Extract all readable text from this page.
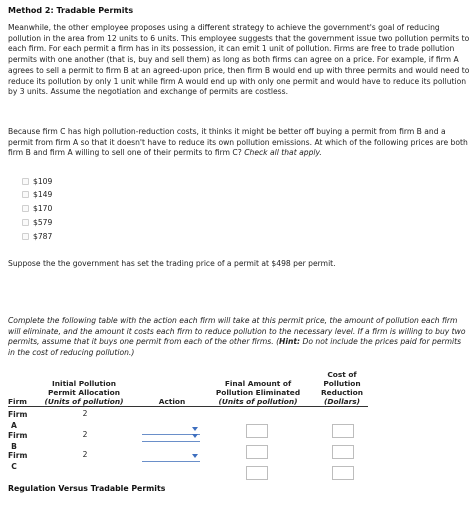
Method 2: Tradable Permits
Meanwhile, the other employee proposes using a different strategy to achieve the government's goal of reducing pollution in the area from 12 units to 6 units. This employee suggests that the government issue two pollution permits to each firm. For each permit a firm has in its possession, it can emit 1 unit of pollution. Firms are free to trade pollution permits with one another (that is, buy and sell them) as long as both firms can agree on a price. For example, if firm A agrees to sell a permit to firm B at an agreed-upon price, then firm B would end up with three permits and would need to reduce its pollution by only 1 unit while firm A would end up with only one permit and would have to reduce its pollution by 3 units. Assume the negotiation and exchange of permits are costless.
Because firm C has high pollution-reduction costs, it thinks it might be better off buying a permit from firm B and a permit from firm A so that it doesn't have to reduce its own pollution emissions. At which of the following prices are both firm B and firm A willing to sell one of their permits to firm C? Check all that apply.
$109
$149
$170
$579
$787
Suppose the the government has set the trading price of a permit at $498 per permit.
Complete the following table with the action each firm will take at this permit price, the amount of pollution each firm will eliminate, and the amount it costs each firm to reduce pollution to the necessary level. If a firm is willing to buy two permits, assume that it buys one permit from each of the other firms. (Hint: Do not include the prices paid for permits in the cost of reducing pollution.)
Firm
Initial Pollution Permit Allocation
(Units of pollution)	Action
Final Amount of Pollution Eliminated
(Units of pollution)
Cost of Pollution Reduction
(Dollars)
Firm
A
2
Firm
B
2
Firm
C
2
Regulation Versus Tradable Permits
